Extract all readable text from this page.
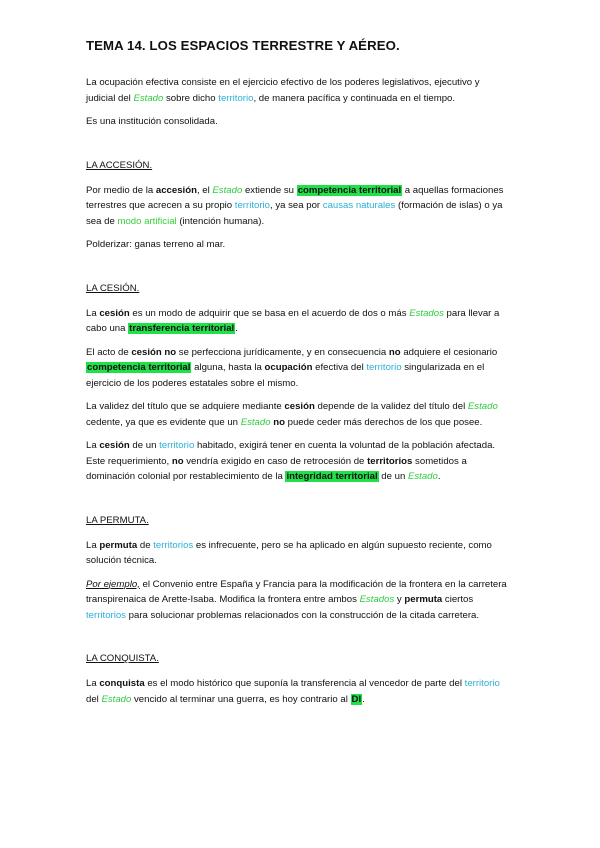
TEMA 14. LOS ESPACIOS TERRESTRE Y AÉREO.

La ocupación efectiva consiste en el ejercicio efectivo de los poderes legislativos, ejecutivo y judicial del Estado sobre dicho territorio, de manera pacífica y continuada en el tiempo.

Es una institución consolidada.

LA ACCESIÓN.

Por medio de la accesión, el Estado extiende su competencia territorial a aquellas formaciones terrestres que acrecen a su propio territorio, ya sea por causas naturales (formación de islas) o ya sea de modo artificial (intención humana).

Polderizar: ganas terreno al mar.

LA CESIÓN.

La cesión es un modo de adquirir que se basa en el acuerdo de dos o más Estados para llevar a cabo una transferencia territorial.

El acto de cesión no se perfecciona jurídicamente, y en consecuencia no adquiere el cesionario competencia territorial alguna, hasta la ocupación efectiva del territorio singularizada en el ejercicio de los poderes estatales sobre el mismo.

La validez del título que se adquiere mediante cesión depende de la validez del título del Estado cedente, ya que es evidente que un Estado no puede ceder más derechos de los que posee.

La cesión de un territorio habitado, exigirá tener en cuenta la voluntad de la población afectada. Este requerimiento, no vendría exigido en caso de retrocesión de territorios sometidos a dominación colonial por restablecimiento de la integridad territorial de un Estado.

LA PERMUTA.

La permuta de territorios es infrecuente, pero se ha aplicado en algún supuesto reciente, como solución técnica.

Por ejemplo, el Convenio entre España y Francia para la modificación de la frontera en la carretera transpirenaica de Arette-Isaba. Modifica la frontera entre ambos Estados y permuta ciertos territorios para solucionar problemas relacionados con la construcción de la citada carretera.

LA CONQUISTA.

La conquista es el modo histórico que suponía la transferencia al vencedor de parte del territorio del Estado vencido al terminar una guerra, es hoy contrario al DI.
